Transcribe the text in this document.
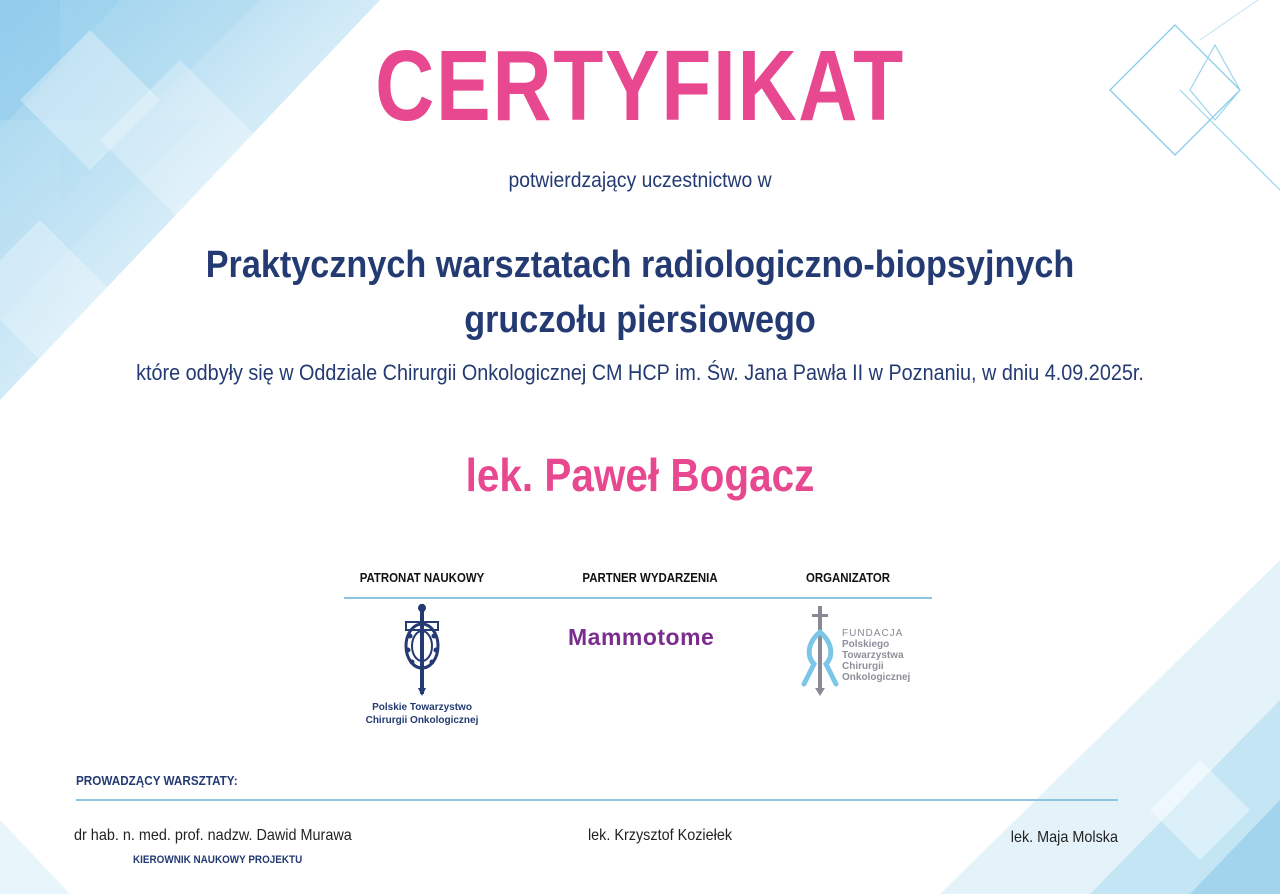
CERTYFIKAT
potwierdzający uczestnictwo w
Praktycznych warsztatach radiologiczno-biopsyjnych
gruczołu piersiowego
które odbyły się w Oddziale Chirurgii Onkologicznej CM HCP im. Św. Jana Pawła II w Poznaniu, w dniu 4.09.2025r.
lek. Paweł Bogacz
PATRONAT NAUKOWY	PARTNER WYDARZENIA	ORGANIZATOR
Polskie Towarzystwo
Chirurgii Onkologicznej
Mammotome	FUNDACJA
Polskiego
Towarzystwa
Chirurgii
Onkologicznej
PROWADZĄCY WARSZTATY:
dr hab. n. med. prof. nadzw. Dawid Murawa
KIEROWNIK NAUKOWY PROJEKTU
lek. Krzysztof Koziełek	lek. Maja Molska
